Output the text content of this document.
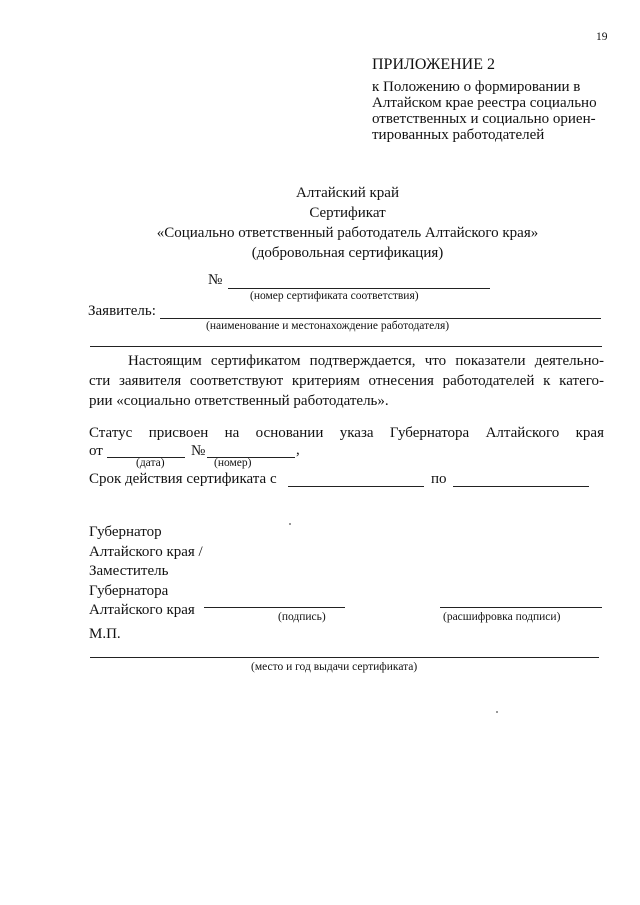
19
ПРИЛОЖЕНИЕ 2
к Положению о формировании в
Алтайском крае реестра социально
ответственных и социально ориен-
тированных работодателей
Алтайский край
Сертификат
«Социально ответственный работодатель Алтайского края»
(добровольная сертификация)
№
(номер сертификата соответствия)
Заявитель:
(наименование и местонахождение работодателя)
Настоящим сертификатом подтверждается, что показатели деятельно-
сти заявителя соответствуют критериям отнесения работодателей к катего-
рии «социально ответственный работодатель».
Статус присвоен на основании указа Губернатора Алтайского края
от	№	,
(дата)	(номер)
Срок действия сертификата с	по
Губернатор
Алтайского края /
Заместитель
Губернатора
Алтайского края	(подпись)	(расшифровка подписи)
М.П.
(место и год выдачи сертификата)
